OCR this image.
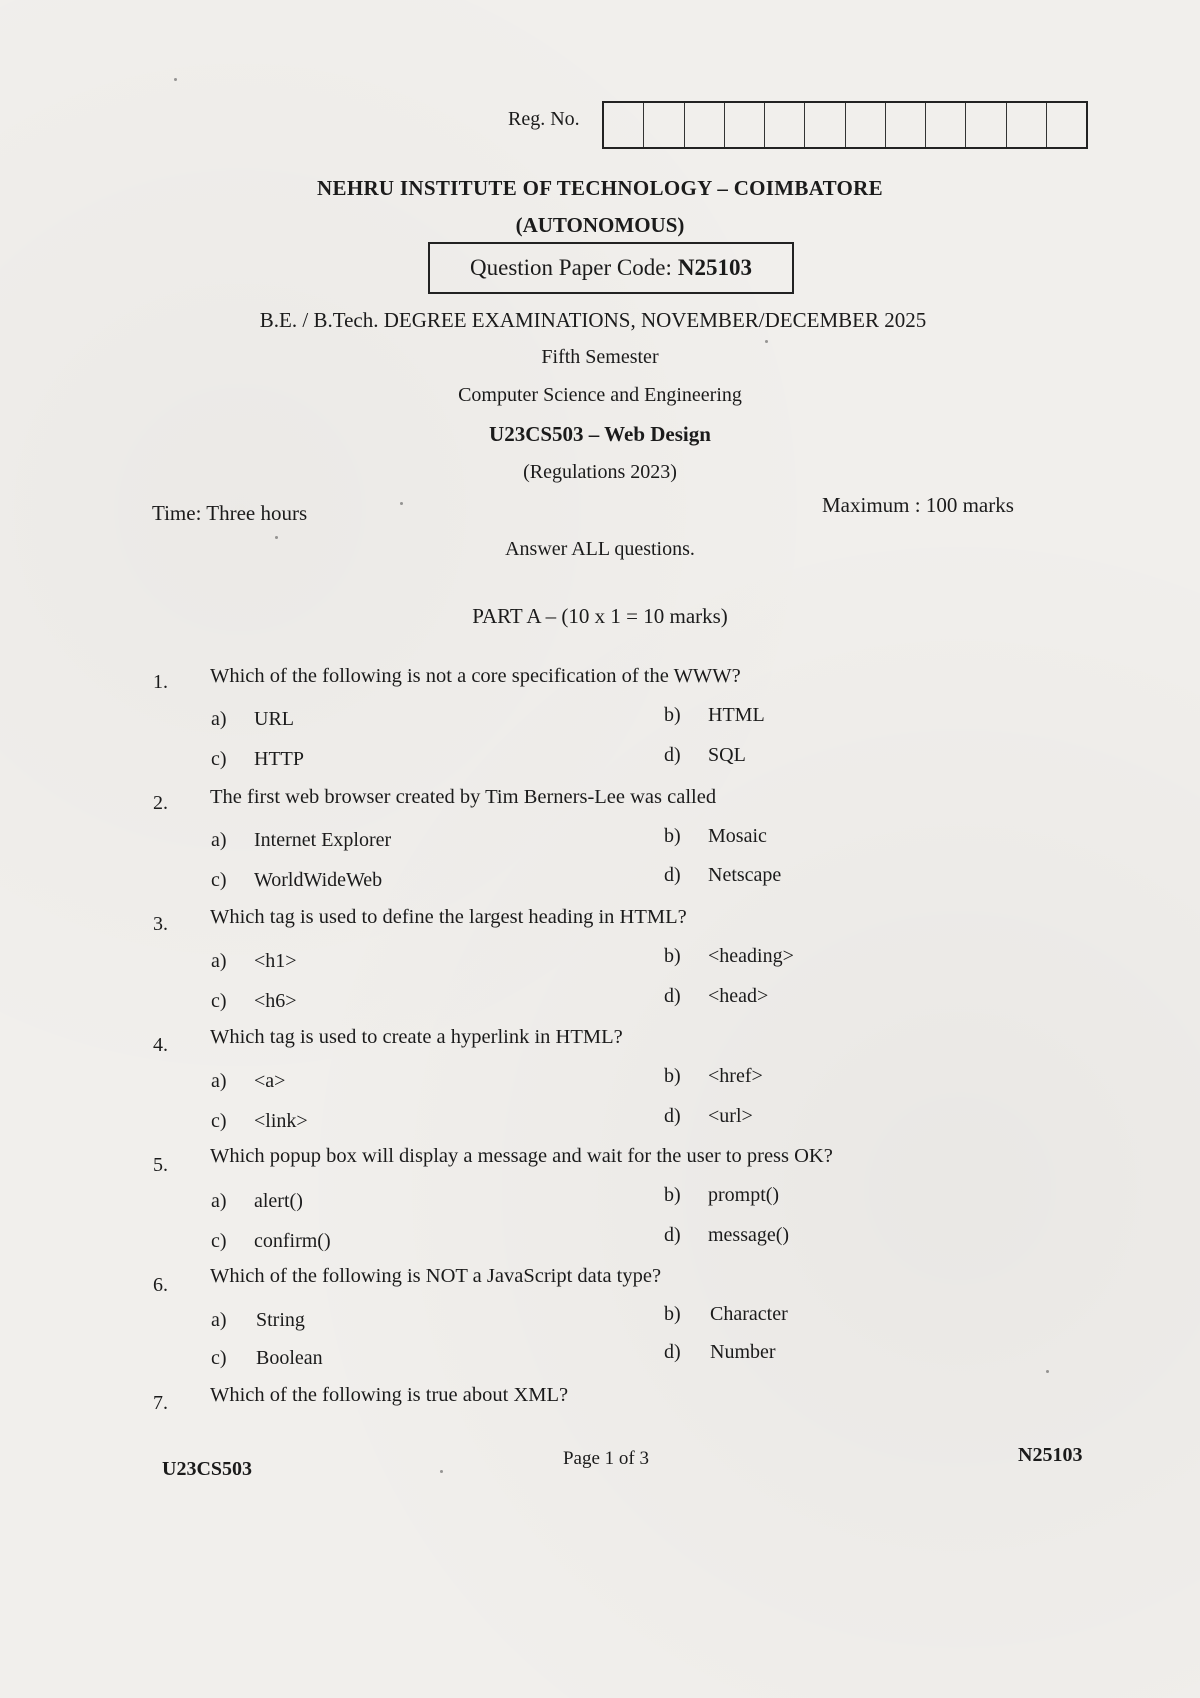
Reg. No.
NEHRU INSTITUTE OF TECHNOLOGY – COIMBATORE
(AUTONOMOUS)
Question Paper Code: N25103
B.E. / B.Tech. DEGREE EXAMINATIONS, NOVEMBER/DECEMBER 2025
Fifth Semester
Computer Science and Engineering
U23CS503 – Web Design
(Regulations 2023)
Time: Three hours	Maximum : 100 marks
Answer ALL questions.
PART A – (10 x 1 = 10 marks)
1. Which of the following is not a core specification of the WWW?
a) URL	b) HTML
c) HTTP	d) SQL
2. The first web browser created by Tim Berners-Lee was called
a) Internet Explorer	b) Mosaic
c) WorldWideWeb	d) Netscape
3. Which tag is used to define the largest heading in HTML?
a) <h1>	b) <heading>
c) <h6>	d) <head>
4. Which tag is used to create a hyperlink in HTML?
a) <a>	b) <href>
c) <link>	d) <url>
5. Which popup box will display a message and wait for the user to press OK?
a) alert()	b) prompt()
c) confirm()	d) message()
6. Which of the following is NOT a JavaScript data type?
a) String	b) Character
c) Boolean	d) Number
7. Which of the following is true about XML?
U23CS503	Page 1 of 3	N25103
